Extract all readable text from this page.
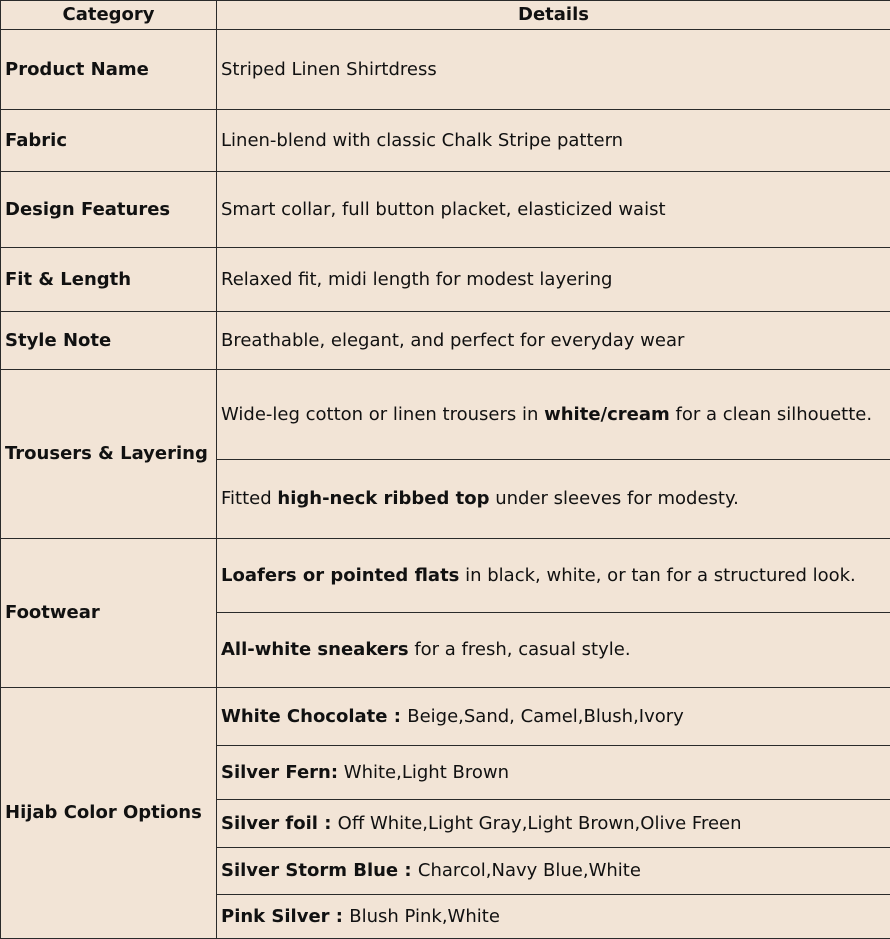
Category	Details
Product Name	Striped Linen Shirtdress
Fabric	Linen-blend with classic Chalk Stripe pattern
Design Features	Smart collar, full button placket, elasticized waist
Fit & Length	Relaxed fit, midi length for modest layering
Style Note	Breathable, elegant, and perfect for everyday wear
Trousers & Layering	Wide-leg cotton or linen trousers in white/cream for a clean silhouette.
	Fitted high-neck ribbed top under sleeves for modesty.
Footwear	Loafers or pointed flats in black, white, or tan for a structured look.
	All-white sneakers for a fresh, casual style.
Hijab Color Options	White Chocolate : Beige,Sand, Camel,Blush,Ivory
	Silver Fern: White,Light Brown
	Silver foil : Off White,Light Gray,Light Brown,Olive Freen
	Silver Storm Blue : Charcol,Navy Blue,White
	Pink Silver : Blush Pink,White
